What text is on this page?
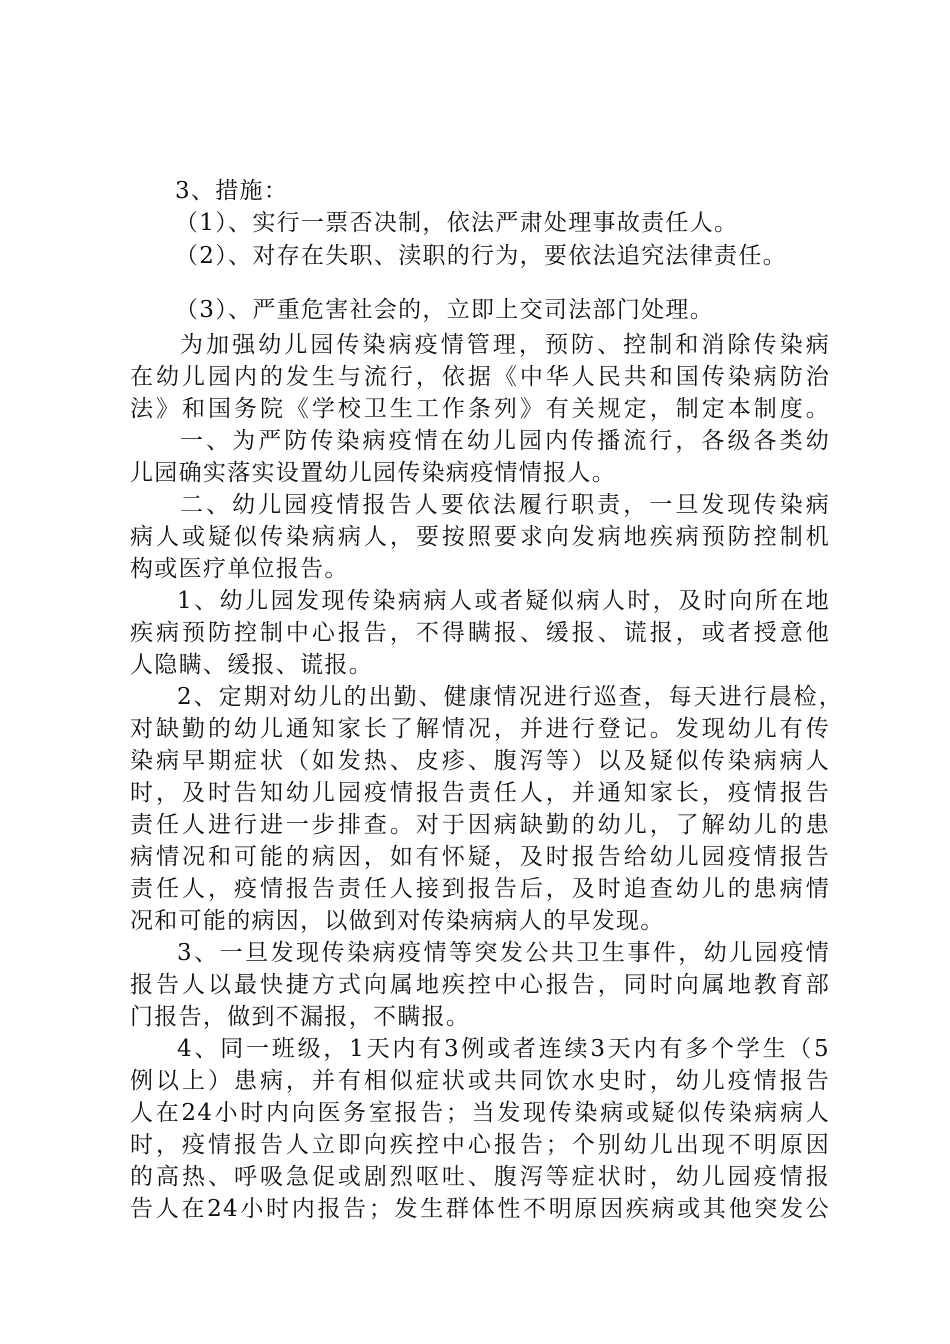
3、措施：
（1）、实行一票否决制，依法严肃处理事故责任人。
（2）、对存在失职、渎职的行为，要依法追究法律责任。
（3）、严重危害社会的，立即上交司法部门处理。
为加强幼儿园传染病疫情管理，预防、控制和消除传染病
在幼儿园内的发生与流行，依据《中华人民共和国传染病防治
法》和国务院《学校卫生工作条列》有关规定，制定本制度。
一、为严防传染病疫情在幼儿园内传播流行，各级各类幼
儿园确实落实设置幼儿园传染病疫情情报人。
二、幼儿园疫情报告人要依法履行职责，一旦发现传染病
病人或疑似传染病病人，要按照要求向发病地疾病预防控制机
构或医疗单位报告。
1、幼儿园发现传染病病人或者疑似病人时，及时向所在地
疾病预防控制中心报告，不得瞒报、缓报、谎报，或者授意他
人隐瞒、缓报、谎报。
2、定期对幼儿的出勤、健康情况进行巡查，每天进行晨检，
对缺勤的幼儿通知家长了解情况，并进行登记。发现幼儿有传
染病早期症状（如发热、皮疹、腹泻等）以及疑似传染病病人
时，及时告知幼儿园疫情报告责任人，并通知家长，疫情报告
责任人进行进一步排查。对于因病缺勤的幼儿，了解幼儿的患
病情况和可能的病因，如有怀疑，及时报告给幼儿园疫情报告
责任人，疫情报告责任人接到报告后，及时追查幼儿的患病情
况和可能的病因，以做到对传染病病人的早发现。
3、一旦发现传染病疫情等突发公共卫生事件，幼儿园疫情
报告人以最快捷方式向属地疾控中心报告，同时向属地教育部
门报告，做到不漏报，不瞒报。
4、同一班级，1天内有3例或者连续3天内有多个学生（5
例以上）患病，并有相似症状或共同饮水史时，幼儿疫情报告
人在24小时内向医务室报告；当发现传染病或疑似传染病病人
时，疫情报告人立即向疾控中心报告；个别幼儿出现不明原因
的高热、呼吸急促或剧烈呕吐、腹泻等症状时，幼儿园疫情报
告人在24小时内报告；发生群体性不明原因疾病或其他突发公
